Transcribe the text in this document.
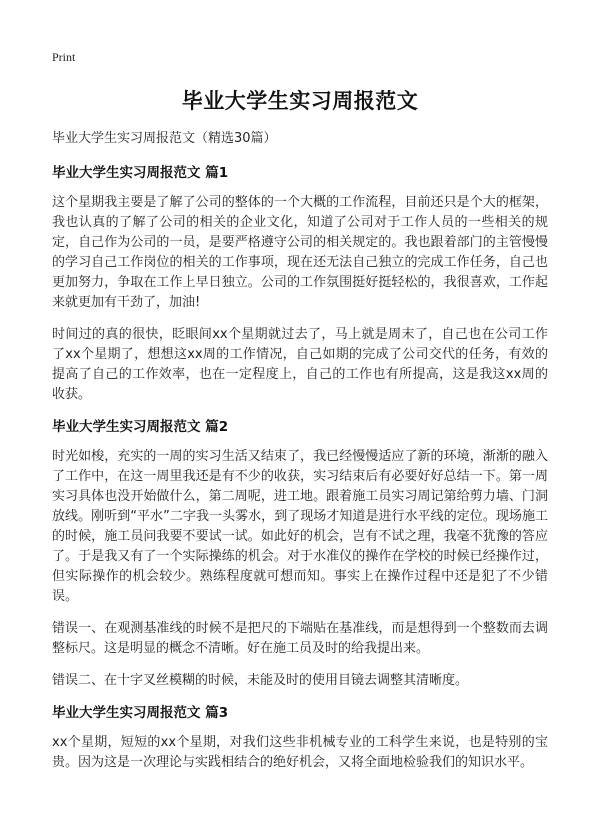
Print
毕业大学生实习周报范文

毕业大学生实习周报范文（精选30篇）

毕业大学生实习周报范文 篇1

这个星期我主要是了解了公司的整体的一个大概的工作流程，目前还只是个大的框架，我也认真的了解了公司的相关的企业文化，知道了公司对于工作人员的一些相关的规定，自己作为公司的一员，是要严格遵守公司的相关规定的。我也跟着部门的主管慢慢的学习自己工作岗位的相关的工作事项，现在还无法自己独立的完成工作任务，自己也更加努力，争取在工作上早日独立。公司的工作氛围挺好挺轻松的，我很喜欢，工作起来就更加有干劲了，加油!

时间过的真的很快，眨眼间xx个星期就过去了，马上就是周末了，自己也在公司工作了xx个星期了，想想这xx周的工作情况，自己如期的完成了公司交代的任务，有效的提高了自己的工作效率，也在一定程度上，自己的工作也有所提高，这是我这xx周的收获。

毕业大学生实习周报范文 篇2

时光如梭，充实的一周的实习生活又结束了，我已经慢慢适应了新的环境，渐渐的融入了工作中，在这一周里我还是有不少的收获，实习结束后有必要好好总结一下。第一周实习具体也没开始做什么，第二周呢，进工地。跟着施工员实习周记第给剪力墙、门洞放线。刚听到“平水”二字我一头雾水，到了现场才知道是进行水平线的定位。现场施工的时候，施工员问我要不要试一试。如此好的机会，岂有不试之理，我毫不犹豫的答应了。于是我又有了一个实际操练的机会。对于水准仪的操作在学校的时候已经操作过，但实际操作的机会较少。熟练程度就可想而知。事实上在操作过程中还是犯了不少错误。

错误一、在观测基准线的时候不是把尺的下端贴在基准线，而是想得到一个整数而去调整标尺。这是明显的概念不清晰。好在施工员及时的给我提出来。

错误二、在十字叉丝模糊的时候，未能及时的使用目镜去调整其清晰度。

毕业大学生实习周报范文 篇3

xx个星期，短短的xx个星期，对我们这些非机械专业的工科学生来说，也是特别的宝贵。因为这是一次理论与实践相结合的绝好机会，又将全面地检验我们的知识水平。
